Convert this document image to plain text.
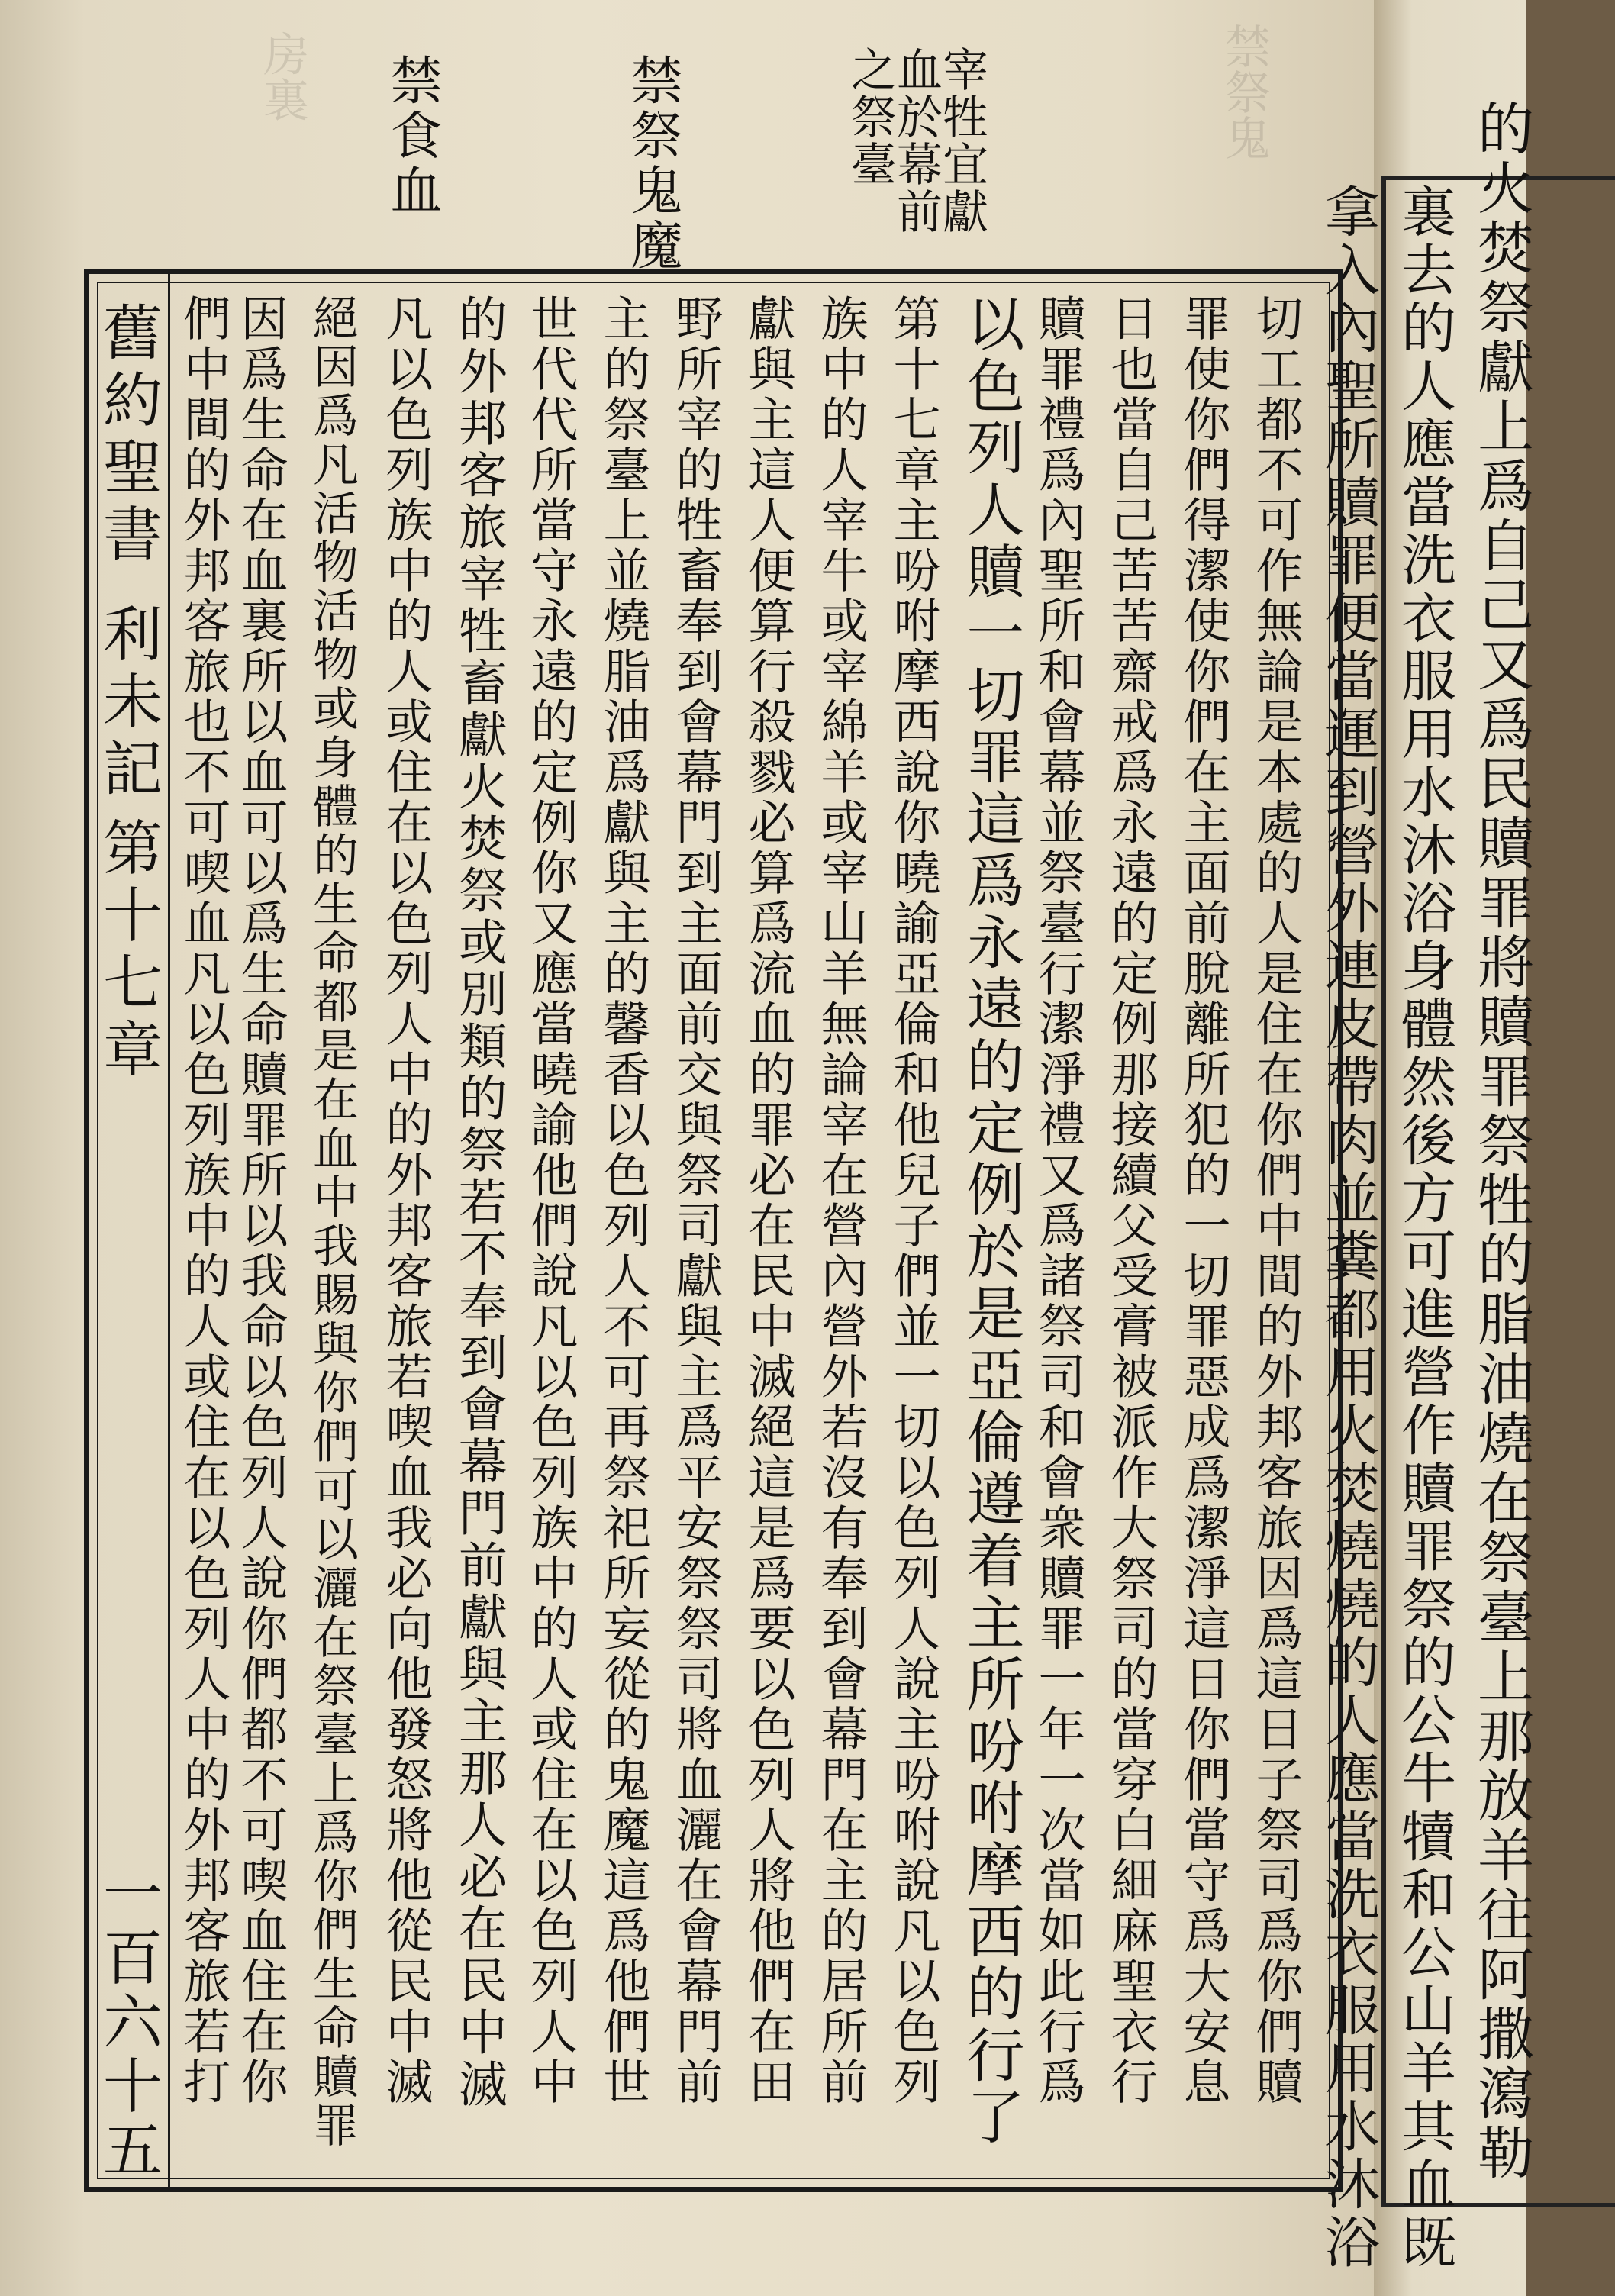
的火焚祭獻上爲自己又爲民贖罪將贖罪祭牲的脂油燒在祭臺上那放羊往阿撒瀉勒
裏去的人應當洗衣服用水沐浴身體然後方可進營作贖罪祭的公牛犢和公山羊其血既
拿入內聖所贖罪便當運到營外連皮帶肉並糞都用火焚燒燒的人應當洗衣服用水沐浴
宰牲宜獻血於幕前之祭臺
禁祭鬼魔
禁食血	禁祭鬼
房裏
舊約聖書
利未記
第十七章
一百六十五	切工都不可作無論是本處的人是住在你們中間的外邦客旅因爲這日子祭司爲你們贖
罪使你們得潔使你們在主面前脫離所犯的一切罪惡成爲潔淨這日你們當守爲大安息
日也當自己苦苦齋戒爲永遠的定例那接續父受膏被派作大祭司的當穿白細麻聖衣行
贖罪禮爲內聖所和會幕並祭臺行潔淨禮又爲諸祭司和會衆贖罪一年一次當如此行爲
以色列人贖一切罪這爲永遠的定例於是亞倫遵着主所吩咐摩西的行了
第十七章主吩咐摩西說你曉諭亞倫和他兒子們並一切以色列人說主吩咐說凡以色列
族中的人宰牛或宰綿羊或宰山羊無論宰在營內營外若沒有奉到會幕門在主的居所前
獻與主這人便算行殺戮必算爲流血的罪必在民中滅絕這是爲要以色列人將他們在田
野所宰的牲畜奉到會幕門到主面前交與祭司獻與主爲平安祭祭司將血灑在會幕門前
主的祭臺上並燒脂油爲獻與主的馨香以色列人不可再祭祀所妄從的鬼魔這爲他們世
世代代所當守永遠的定例你又應當曉諭他們說凡以色列族中的人或住在以色列人中
的外邦客旅宰牲畜獻火焚祭或別類的祭若不奉到會幕門前獻與主那人必在民中滅
凡以色列族中的人或住在以色列人中的外邦客旅若喫血我必向他發怒將他從民中滅
絕因爲凡活物活物或身體的生命都是在血中我賜與你們可以灑在祭臺上爲你們生命贖罪
因爲生命在血裏所以血可以爲生命贖罪所以我命以色列人說你們都不可喫血住在你
們中間的外邦客旅也不可喫血凡以色列族中的人或住在以色列人中的外邦客旅若打
